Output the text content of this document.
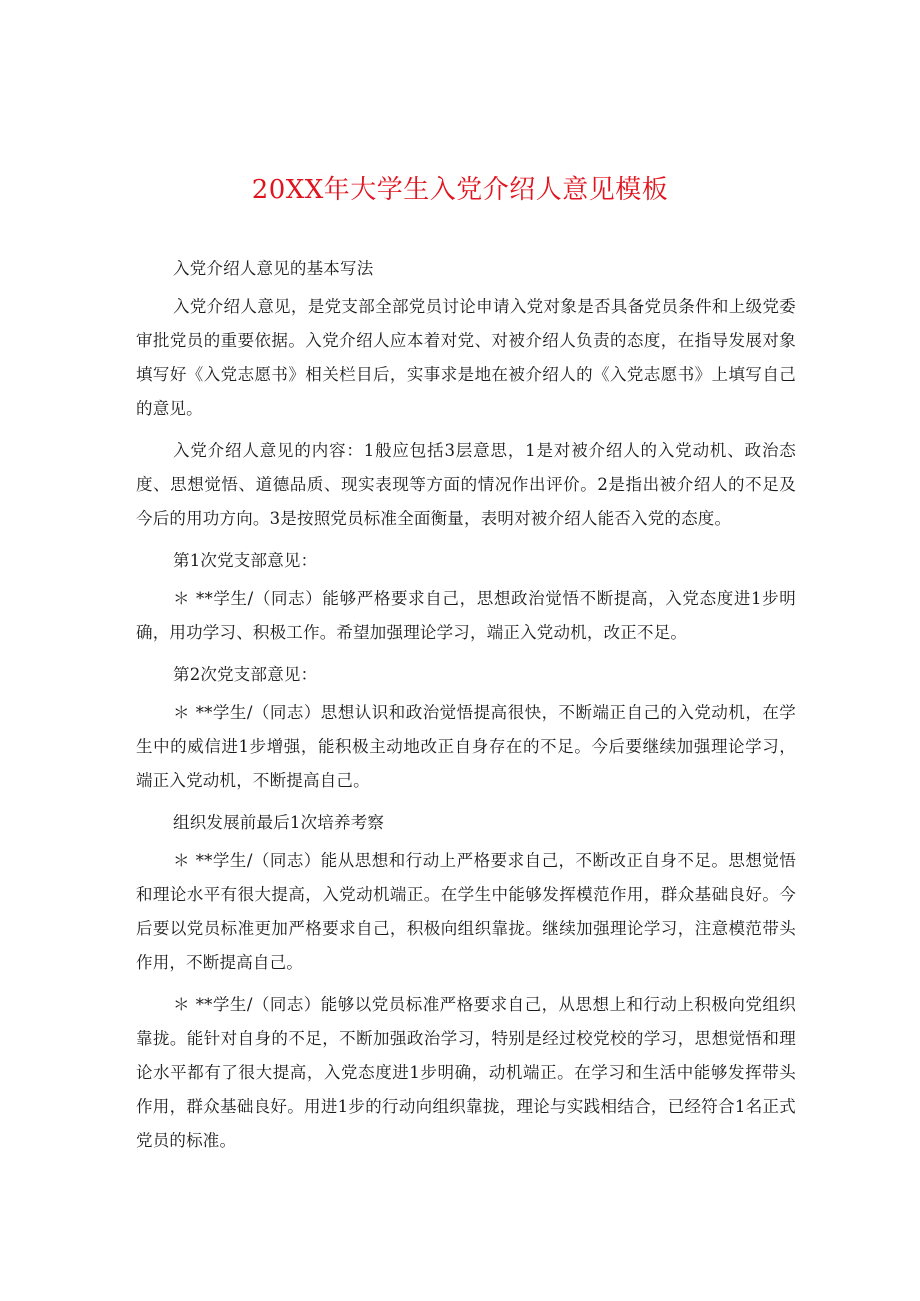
20XX年大学生入党介绍人意见模板

入党介绍人意见的基本写法

入党介绍人意见，是党支部全部党员讨论申请入党对象是否具备党员条件和上级党委审批党员的重要依据。入党介绍人应本着对党、对被介绍人负责的态度，在指导发展对象填写好《入党志愿书》相关栏目后，实事求是地在被介绍人的《入党志愿书》上填写自己的意见。

入党介绍人意见的内容：1般应包括3层意思，1是对被介绍人的入党动机、政治态度、思想觉悟、道德品质、现实表现等方面的情况作出评价。2是指出被介绍人的不足及今后的用功方向。3是按照党员标准全面衡量，表明对被介绍人能否入党的态度。

第1次党支部意见：

＊ **学生/（同志）能够严格要求自己，思想政治觉悟不断提高，入党态度进1步明确，用功学习、积极工作。希望加强理论学习，端正入党动机，改正不足。

第2次党支部意见：

＊ **学生/（同志）思想认识和政治觉悟提高很快，不断端正自己的入党动机，在学生中的威信进1步增强，能积极主动地改正自身存在的不足。今后要继续加强理论学习，端正入党动机，不断提高自己。

组织发展前最后1次培养考察

＊ **学生/（同志）能从思想和行动上严格要求自己，不断改正自身不足。思想觉悟和理论水平有很大提高，入党动机端正。在学生中能够发挥模范作用，群众基础良好。今后要以党员标准更加严格要求自己，积极向组织靠拢。继续加强理论学习，注意模范带头作用，不断提高自己。

＊ **学生/（同志）能够以党员标准严格要求自己，从思想上和行动上积极向党组织靠拢。能针对自身的不足，不断加强政治学习，特别是经过校党校的学习，思想觉悟和理论水平都有了很大提高，入党态度进1步明确，动机端正。在学习和生活中能够发挥带头作用，群众基础良好。用进1步的行动向组织靠拢，理论与实践相结合，已经符合1名正式党员的标准。
